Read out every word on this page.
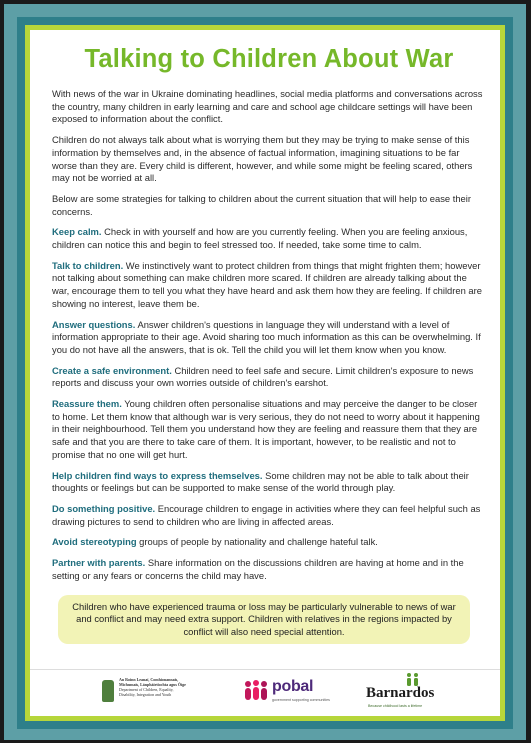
Talking to Children About War

With news of the war in Ukraine dominating headlines, social media platforms and conversations across the country, many children in early learning and care and school age childcare settings will have been exposed to information about the conflict.

Children do not always talk about what is worrying them but they may be trying to make sense of this information by themselves and, in the absence of factual information, imagining situations to be far worse than they are. Every child is different, however, and while some might be feeling scared, others may not be worried at all.

Below are some strategies for talking to children about the current situation that will help to ease their concerns.

Keep calm. Check in with yourself and how are you currently feeling. When you are feeling anxious, children can notice this and begin to feel stressed too. If needed, take some time to calm.

Talk to children. We instinctively want to protect children from things that might frighten them; however not talking about something can make children more scared. If children are already talking about the war, encourage them to tell you what they have heard and ask them how they are feeling. If children are showing no interest, leave them be.

Answer questions. Answer children's questions in language they will understand with a level of information appropriate to their age. Avoid sharing too much information as this can be overwhelming. If you do not have all the answers, that is ok. Tell the child you will let them know when you know.

Create a safe environment. Children need to feel safe and secure. Limit children's exposure to news reports and discuss your own worries outside of children's earshot.

Reassure them. Young children often personalise situations and may perceive the danger to be closer to home. Let them know that although war is very serious, they do not need to worry about it happening in their neighbourhood. Tell them you understand how they are feeling and reassure them that they are safe and that you are there to take care of them. It is important, however, to be realistic and not to promise that no one will get hurt.

Help children find ways to express themselves. Some children may not be able to talk about their thoughts or feelings but can be supported to make sense of the world through play.

Do something positive. Encourage children to engage in activities where they can feel helpful such as drawing pictures to send to children who are living in affected areas.

Avoid stereotyping groups of people by nationality and challenge hateful talk.

Partner with parents. Share information on the discussions children are having at home and in the setting or any fears or concerns the child may have.

Children who have experienced trauma or loss may be particularly vulnerable to news of war and conflict and may need extra support. Children with relatives in the regions impacted by conflict will also need special attention.
An Roinn Leanaí, Comhionannais,
Míchumais, Lánpháirtíochta agus Óige
Department of Children, Equality,
Disability, Integration and Youth	pobal
government supporting communities Barnardos
Because childhood lasts a lifetime
